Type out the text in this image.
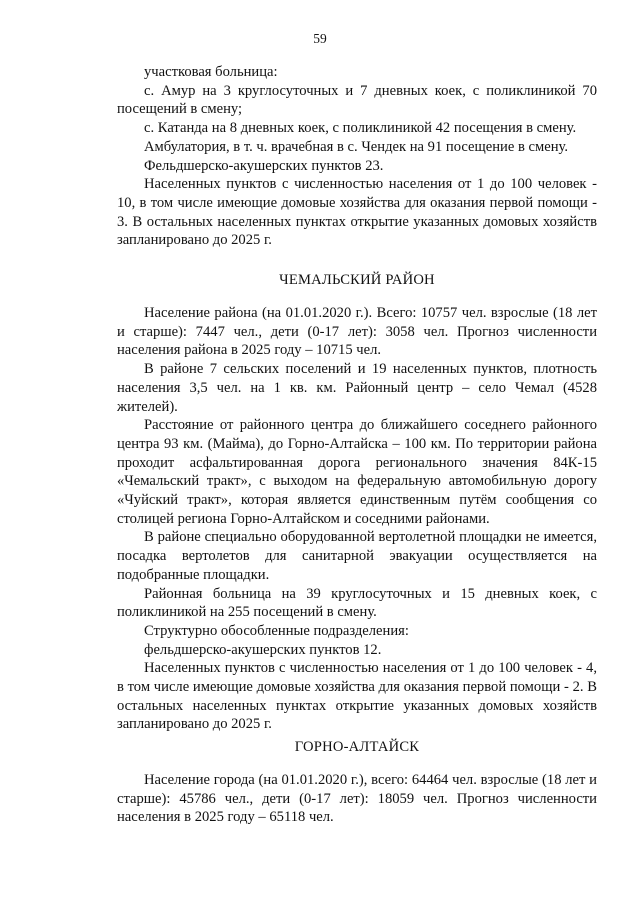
59

участковая больница:

с. Амур на 3 круглосуточных и 7 дневных коек, с поликлиникой 70 посещений в смену;

с. Катанда на 8 дневных коек, с поликлиникой 42 посещения в смену.

Амбулатория, в т. ч. врачебная в с. Чендек на 91 посещение в смену.

Фельдшерско-акушерских пунктов 23.

Населенных пунктов с численностью населения от 1 до 100 человек - 10, в том числе имеющие домовые хозяйства для оказания первой помощи - 3. В остальных населенных пунктах открытие указанных домовых хозяйств запланировано до 2025 г.

ЧЕМАЛЬСКИЙ РАЙОН

Население района (на 01.01.2020 г.). Всего: 10757 чел. взрослые (18 лет и старше): 7447 чел., дети (0-17 лет): 3058 чел. Прогноз численности населения района в 2025 году – 10715 чел.

В районе 7 сельских поселений и 19 населенных пунктов, плотность населения 3,5 чел. на 1 кв. км. Районный центр – село Чемал (4528 жителей).

Расстояние от районного центра до ближайшего соседнего районного центра 93 км. (Майма), до Горно-Алтайска – 100 км. По территории района проходит асфальтированная дорога регионального значения 84К-15 «Чемальский тракт», с выходом на федеральную автомобильную дорогу «Чуйский тракт», которая является единственным путём сообщения со столицей региона Горно-Алтайском и соседними районами.

В районе специально оборудованной вертолетной площадки не имеется, посадка вертолетов для санитарной эвакуации осуществляется на подобранные площадки.

Районная больница на 39 круглосуточных и 15 дневных коек, с поликлиникой на 255 посещений в смену.

Структурно обособленные подразделения:

фельдшерско-акушерских пунктов 12.

Населенных пунктов с численностью населения от 1 до 100 человек - 4, в том числе имеющие домовые хозяйства для оказания первой помощи - 2. В остальных населенных пунктах открытие указанных домовых хозяйств запланировано до 2025 г.

ГОРНО-АЛТАЙСК

Население города (на 01.01.2020 г.), всего: 64464 чел. взрослые (18 лет и старше): 45786 чел., дети (0-17 лет): 18059 чел. Прогноз численности населения в 2025 году – 65118 чел.
